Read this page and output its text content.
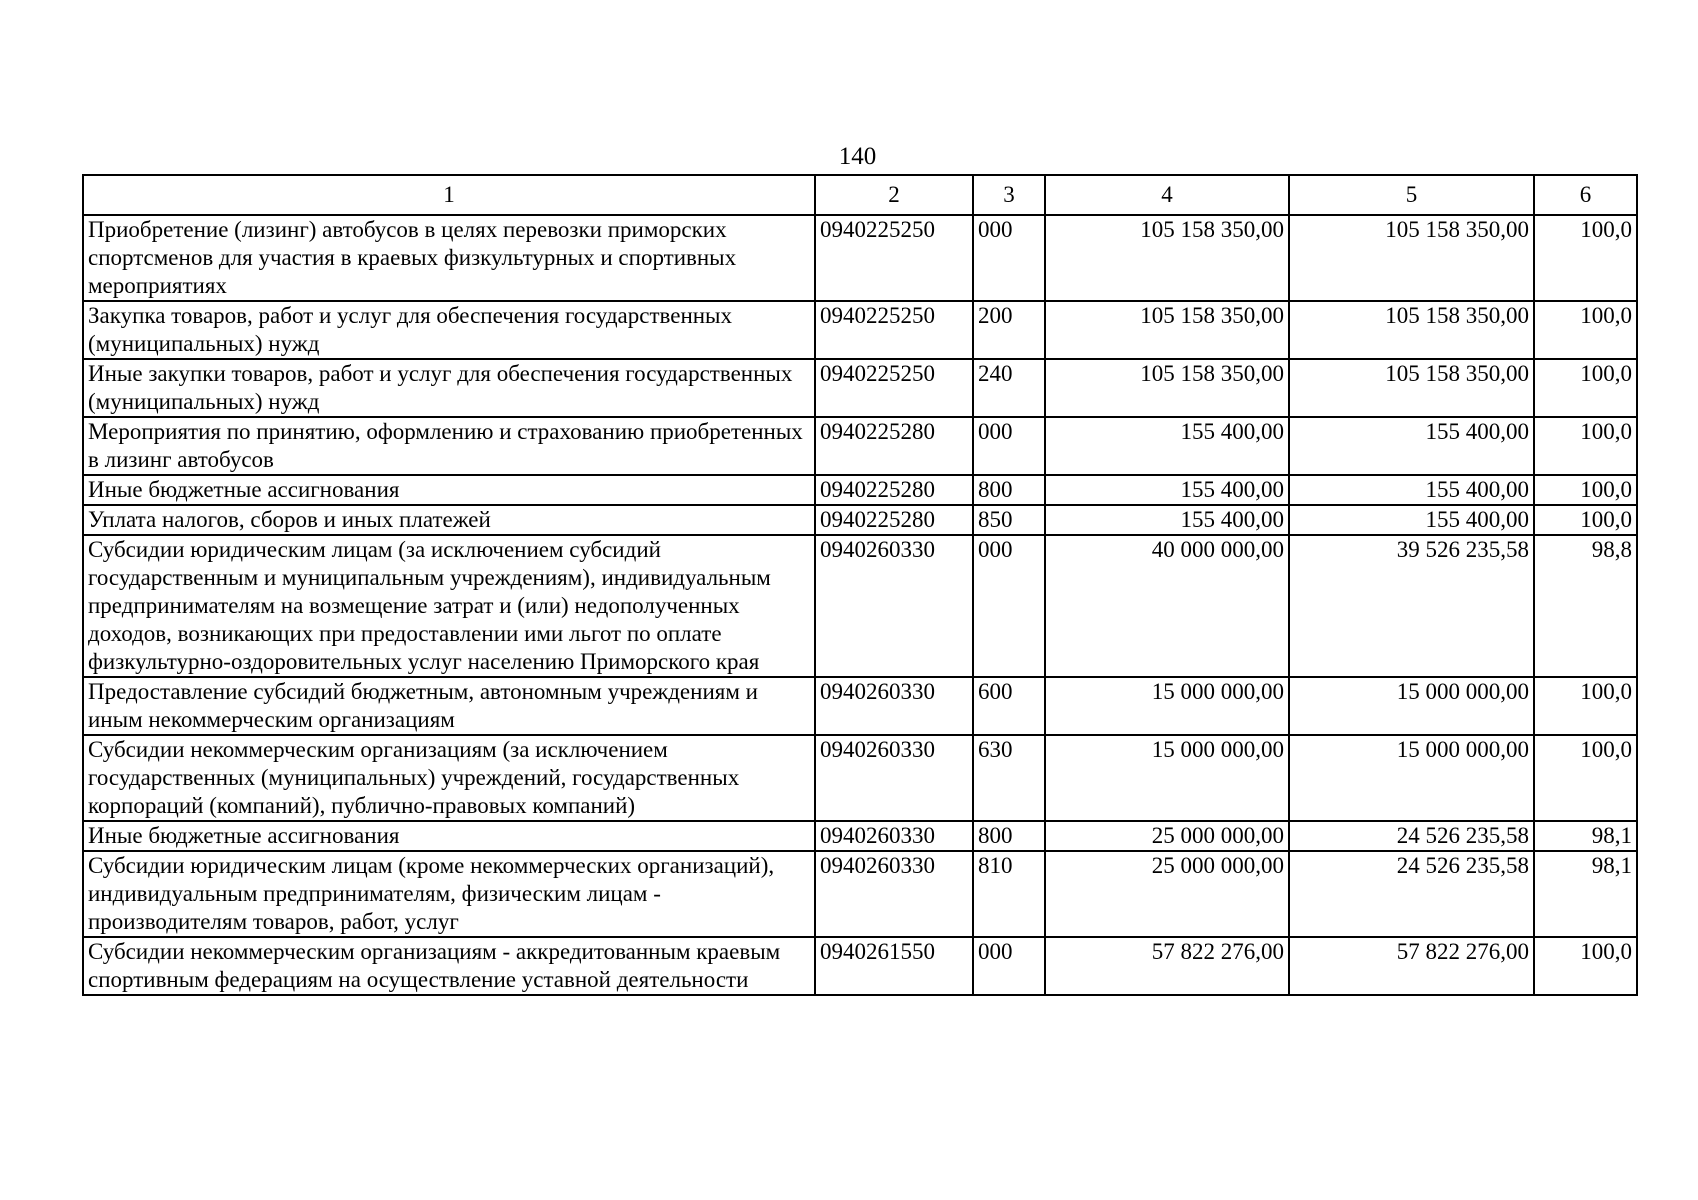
140
1	2	3	4	5	6
Приобретение (лизинг) автобусов в целях перевозки приморских спортсменов для участия в краевых физкультурных и спортивных мероприятиях	0940225250	000	105 158 350,00	105 158 350,00	100,0
Закупка товаров, работ и услуг для обеспечения государственных (муниципальных) нужд	0940225250	200	105 158 350,00	105 158 350,00	100,0
Иные закупки товаров, работ и услуг для обеспечения государственных (муниципальных) нужд	0940225250	240	105 158 350,00	105 158 350,00	100,0
Мероприятия по принятию, оформлению и страхованию приобретенных в лизинг автобусов	0940225280	000	155 400,00	155 400,00	100,0
Иные бюджетные ассигнования	0940225280	800	155 400,00	155 400,00	100,0
Уплата налогов, сборов и иных платежей	0940225280	850	155 400,00	155 400,00	100,0
Субсидии юридическим лицам (за исключением субсидий государственным и муниципальным учреждениям), индивидуальным предпринимателям на возмещение затрат и (или) недополученных доходов, возникающих при предоставлении ими льгот по оплате физкультурно-оздоровительных услуг населению Приморского края	0940260330	000	40 000 000,00	39 526 235,58	98,8
Предоставление субсидий бюджетным, автономным учреждениям и иным некоммерческим организациям	0940260330	600	15 000 000,00	15 000 000,00	100,0
Субсидии некоммерческим организациям (за исключением государственных (муниципальных) учреждений, государственных корпораций (компаний), публично-правовых компаний)	0940260330	630	15 000 000,00	15 000 000,00	100,0
Иные бюджетные ассигнования	0940260330	800	25 000 000,00	24 526 235,58	98,1
Субсидии юридическим лицам (кроме некоммерческих организаций), индивидуальным предпринимателям, физическим лицам - производителям товаров, работ, услуг	0940260330	810	25 000 000,00	24 526 235,58	98,1
Субсидии некоммерческим организациям - аккредитованным краевым спортивным федерациям на осуществление уставной деятельности	0940261550	000	57 822 276,00	57 822 276,00	100,0
